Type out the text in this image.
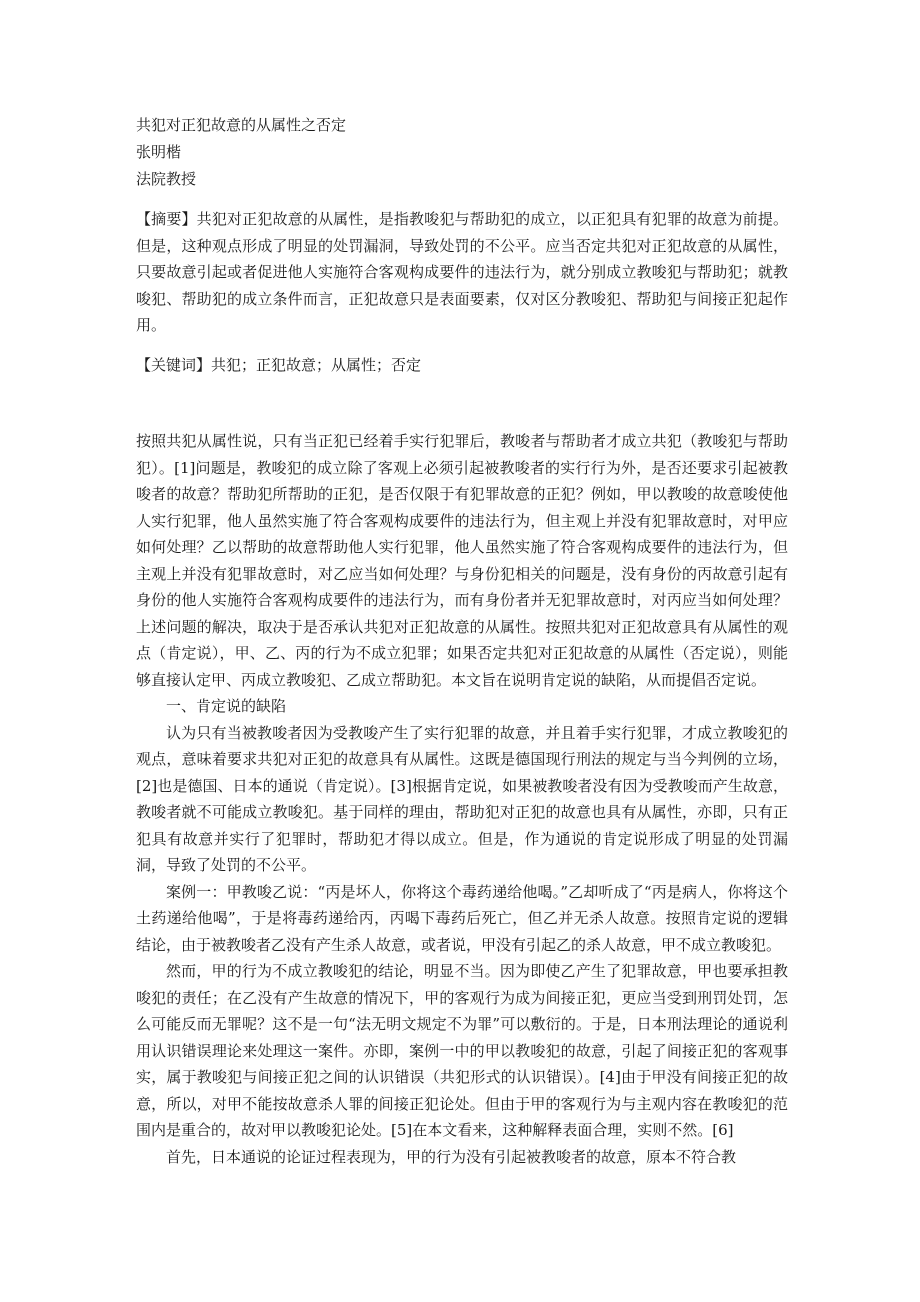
共犯对正犯故意的从属性之否定
张明楷
法院教授

【摘要】共犯对正犯故意的从属性，是指教唆犯与帮助犯的成立，以正犯具有犯罪的故意为前提。但是，这种观点形成了明显的处罚漏洞，导致处罚的不公平。应当否定共犯对正犯故意的从属性，只要故意引起或者促进他人实施符合客观构成要件的违法行为，就分别成立教唆犯与帮助犯；就教唆犯、帮助犯的成立条件而言，正犯故意只是表面要素，仅对区分教唆犯、帮助犯与间接正犯起作用。

【关键词】共犯；正犯故意；从属性；否定

按照共犯从属性说，只有当正犯已经着手实行犯罪后，教唆者与帮助者才成立共犯（教唆犯与帮助犯）。[1]问题是，教唆犯的成立除了客观上必须引起被教唆者的实行行为外，是否还要求引起被教唆者的故意？帮助犯所帮助的正犯，是否仅限于有犯罪故意的正犯？例如，甲以教唆的故意唆使他人实行犯罪，他人虽然实施了符合客观构成要件的违法行为，但主观上并没有犯罪故意时，对甲应如何处理？乙以帮助的故意帮助他人实行犯罪，他人虽然实施了符合客观构成要件的违法行为，但主观上并没有犯罪故意时，对乙应当如何处理？与身份犯相关的问题是，没有身份的丙故意引起有身份的他人实施符合客观构成要件的违法行为，而有身份者并无犯罪故意时，对丙应当如何处理？上述问题的解决，取决于是否承认共犯对正犯故意的从属性。按照共犯对正犯故意具有从属性的观点（肯定说），甲、乙、丙的行为不成立犯罪；如果否定共犯对正犯故意的从属性（否定说），则能够直接认定甲、丙成立教唆犯、乙成立帮助犯。本文旨在说明肯定说的缺陷，从而提倡否定说。

一、肯定说的缺陷

认为只有当被教唆者因为受教唆产生了实行犯罪的故意，并且着手实行犯罪，才成立教唆犯的观点，意味着要求共犯对正犯的故意具有从属性。这既是德国现行刑法的规定与当今判例的立场，[2]也是德国、日本的通说（肯定说）。[3]根据肯定说，如果被教唆者没有因为受教唆而产生故意，教唆者就不可能成立教唆犯。基于同样的理由，帮助犯对正犯的故意也具有从属性，亦即，只有正犯具有故意并实行了犯罪时，帮助犯才得以成立。但是，作为通说的肯定说形成了明显的处罚漏洞，导致了处罚的不公平。

案例一：甲教唆乙说：“丙是坏人，你将这个毒药递给他喝。”乙却听成了“丙是病人，你将这个土药递给他喝”，于是将毒药递给丙，丙喝下毒药后死亡，但乙并无杀人故意。按照肯定说的逻辑结论，由于被教唆者乙没有产生杀人故意，或者说，甲没有引起乙的杀人故意，甲不成立教唆犯。

然而，甲的行为不成立教唆犯的结论，明显不当。因为即使乙产生了犯罪故意，甲也要承担教唆犯的责任；在乙没有产生故意的情况下，甲的客观行为成为间接正犯，更应当受到刑罚处罚，怎么可能反而无罪呢？这不是一句“法无明文规定不为罪”可以敷衍的。于是，日本刑法理论的通说利用认识错误理论来处理这一案件。亦即，案例一中的甲以教唆犯的故意，引起了间接正犯的客观事实，属于教唆犯与间接正犯之间的认识错误（共犯形式的认识错误）。[4]由于甲没有间接正犯的故意，所以，对甲不能按故意杀人罪的间接正犯论处。但由于甲的客观行为与主观内容在教唆犯的范围内是重合的，故对甲以教唆犯论处。[5]在本文看来，这种解释表面合理，实则不然。[6]

首先，日本通说的论证过程表现为，甲的行为没有引起被教唆者的故意，原本不符合教
